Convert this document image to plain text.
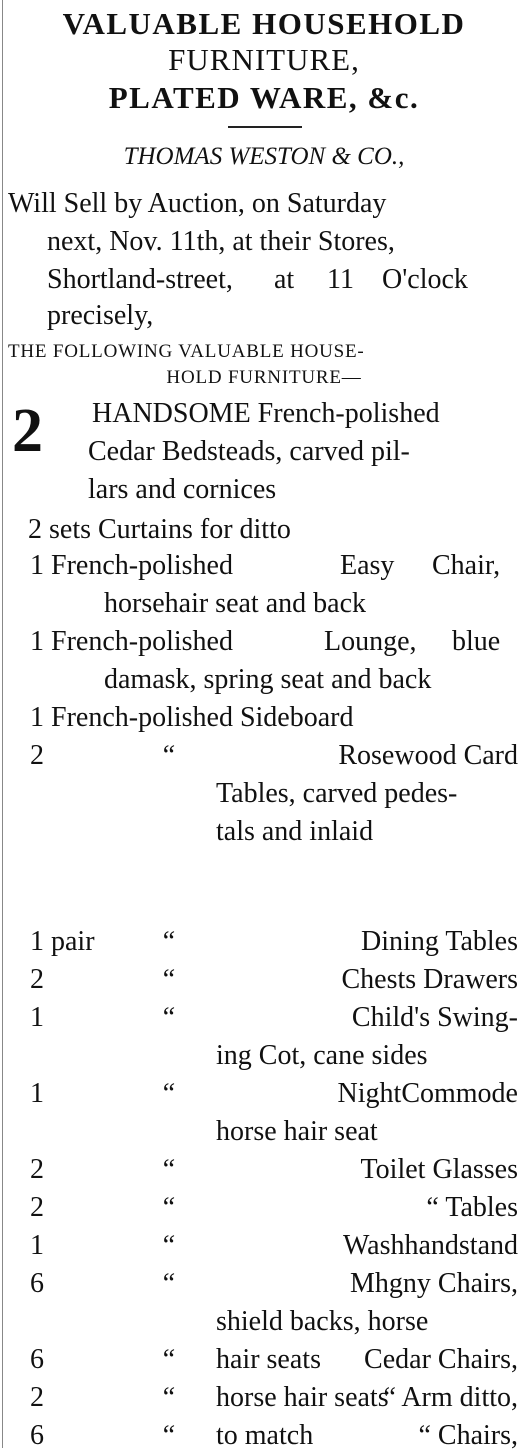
VALUABLE HOUSEHOLD
FURNITURE,
PLATED WARE, &c.
THOMAS WESTON & CO.,
Will Sell by Auction, on Saturday
next, Nov. 11th, at their Stores,
Shortland-street, at 11 O'clock
precisely,
THE FOLLOWING VALUABLE HOUSE-
HOLD FURNITURE—
2 HANDSOME French-polished
Cedar Bedsteads, carved pil-
lars and cornices
2 sets Curtains for ditto
1 French-polished	Easy Chair,
horsehair seat and back
1 French-polished	Lounge, blue
damask, spring seat and back
1 French-polished Sideboard
2	“	Rosewood Card
Tables, carved pedes-
tals and inlaid
1 pair “	Dining Tables
2	“	Chests Drawers
1	“	Child's Swing-
ing Cot, cane sides
1	“	NightCommode
horse hair seat
2	“	Toilet Glasses
2	“	“ Tables
1	“	Washhandstand
6	“	Mhgny Chairs,
shield backs, horse
hair seats
6	“	Cedar Chairs,
horse hair seats
2	“	“ Arm ditto,
to match
6	“	“ Chairs,
